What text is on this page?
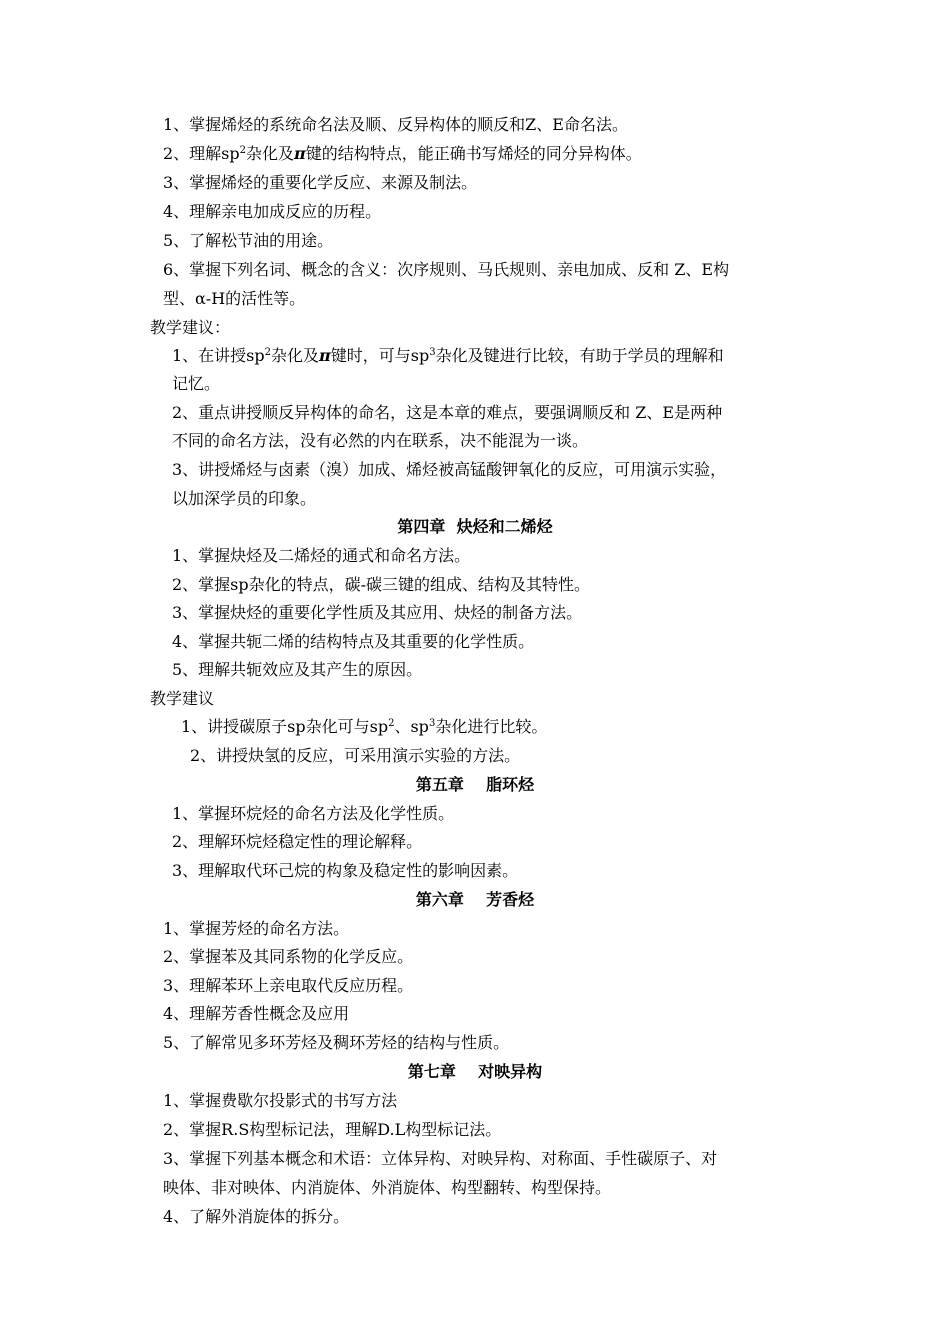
1、掌握烯烃的系统命名法及顺、反异构体的顺反和Z、E命名法。
2、理解$sp^2$杂化及π键的结构特点，能正确书写烯烃的同分异构体。
3、掌握烯烃的重要化学反应、来源及制法。
4、理解亲电加成反应的历程。
5、了解松节油的用途。
6、掌握下列名词、概念的含义：次序规则、马氏规则、亲电加成、反和 Z、E构
型、α-H的活性等。
教学建议：
1、在讲授$sp^2$杂化及π键时，可与$sp^3$杂化及键进行比较，有助于学员的理解和
记忆。
2、重点讲授顺反异构体的命名，这是本章的难点，要强调顺反和 Z、E是两种
不同的命名方法，没有必然的内在联系，决不能混为一谈。
3、讲授烯烃与卤素（溴）加成、烯烃被高锰酸钾氧化的反应，可用演示实验，
以加深学员的印象。
第四章  炔烃和二烯烃
1、掌握炔烃及二烯烃的通式和命名方法。
2、掌握sp杂化的特点，碳-碳三键的组成、结构及其特性。
3、掌握炔烃的重要化学性质及其应用、炔烃的制备方法。
4、掌握共轭二烯的结构特点及其重要的化学性质。
5、理解共轭效应及其产生的原因。
教学建议
1、讲授碳原子sp杂化可与$sp^2$、$sp^3$杂化进行比较。
2、讲授炔氢的反应，可采用演示实验的方法。
第五章    脂环烃
1、掌握环烷烃的命名方法及化学性质。
2、理解环烷烃稳定性的理论解释。
3、理解取代环己烷的构象及稳定性的影响因素。
第六章    芳香烃
1、掌握芳烃的命名方法。
2、掌握苯及其同系物的化学反应。
3、理解苯环上亲电取代反应历程。
4、理解芳香性概念及应用
5、了解常见多环芳烃及稠环芳烃的结构与性质。
第七章    对映异构
1、掌握费歇尔投影式的书写方法
2、掌握R.S构型标记法，理解D.L构型标记法。
3、掌握下列基本概念和术语：立体异构、对映异构、对称面、手性碳原子、对
映体、非对映体、内消旋体、外消旋体、构型翻转、构型保持。
4、了解外消旋体的拆分。
